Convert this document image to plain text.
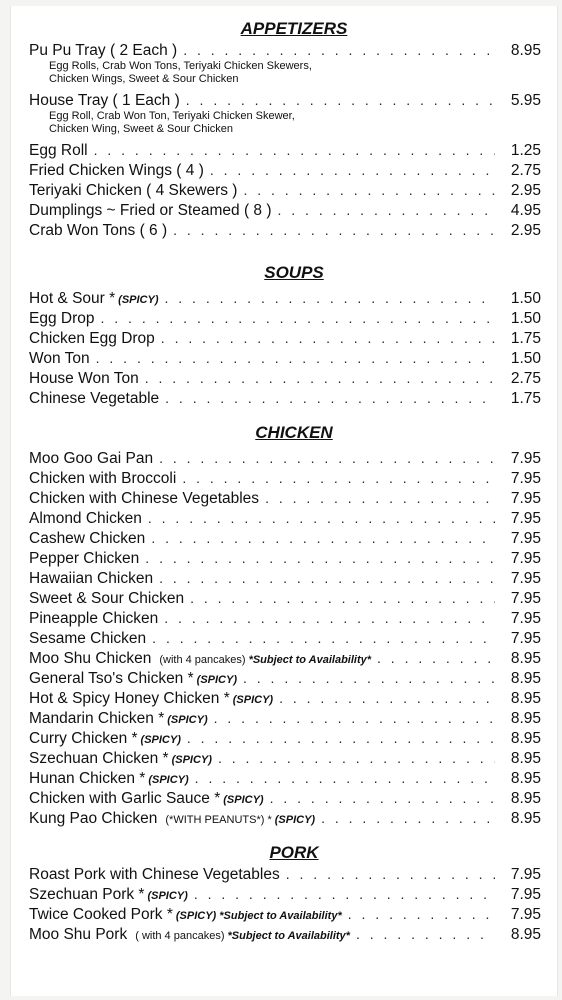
APPETIZERS
Pu Pu Tray ( 2 Each ) . . .	8.95
Egg Rolls, Crab Won Tons, Teriyaki Chicken Skewers,
Chicken Wings, Sweet & Sour Chicken
House Tray ( 1 Each ) . . .	5.95
Egg Roll, Crab Won Ton, Teriyaki Chicken Skewer,
Chicken Wing, Sweet & Sour Chicken
Egg Roll . . .	1.25
Fried Chicken Wings ( 4 ) . . .	2.75
Teriyaki Chicken ( 4 Skewers ) . . .	2.95
Dumplings ~ Fried or Steamed ( 8 ) . . .	4.95
Crab Won Tons ( 6 ) . . .	2.95
SOUPS
Hot & Sour * (SPICY) . . .	1.50
Egg Drop . . .	1.50
Chicken Egg Drop . . .	1.75
Won Ton . . .	1.50
House Won Ton . . .	2.75
Chinese Vegetable . . .	1.75
CHICKEN
Moo Goo Gai Pan . . .	7.95
Chicken with Broccoli . . .	7.95
Chicken with Chinese Vegetables . . .	7.95
Almond Chicken . . .	7.95
Cashew Chicken . . .	7.95
Pepper Chicken . . .	7.95
Hawaiian Chicken . . .	7.95
Sweet & Sour Chicken . . .	7.95
Pineapple Chicken . . .	7.95
Sesame Chicken . . .	7.95
Moo Shu Chicken (with 4 pancakes) *Subject to Availability* . . .	8.95
General Tso's Chicken * (SPICY) . . .	8.95
Hot & Spicy Honey Chicken * (SPICY) . . .	8.95
Mandarin Chicken * (SPICY) . . .	8.95
Curry Chicken * (SPICY) . . .	8.95
Szechuan Chicken * (SPICY) . . .	8.95
Hunan Chicken * (SPICY) . . .	8.95
Chicken with Garlic Sauce * (SPICY) . . .	8.95
Kung Pao Chicken (*WITH PEANUTS*) * (SPICY) . . .	8.95
PORK
Roast Pork with Chinese Vegetables . . .	7.95
Szechuan Pork * (SPICY) . . .	7.95
Twice Cooked Pork * (SPICY) *Subject to Availability* . . .	7.95
Moo Shu Pork ( with 4 pancakes) *Subject to Availability* . . .	8.95
